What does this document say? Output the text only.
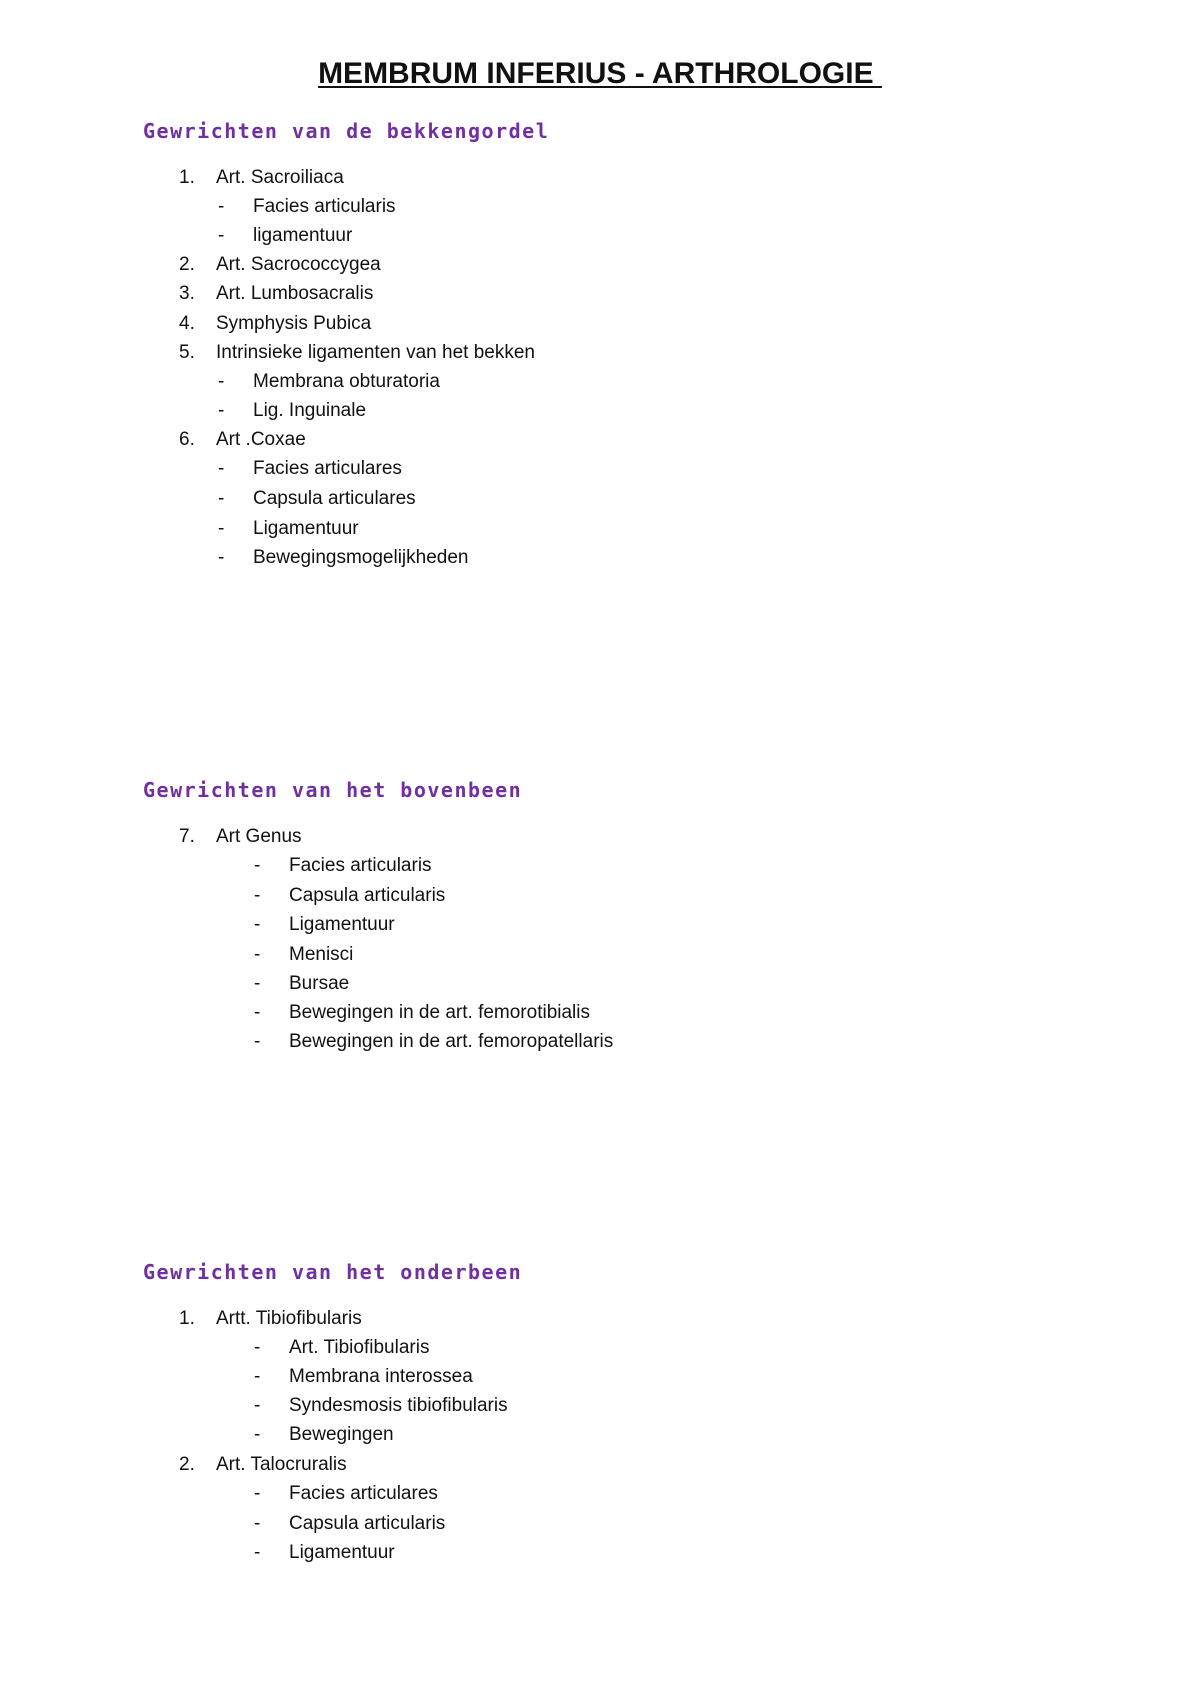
MEMBRUM INFERIUS - ARTHROLOGIE
Gewrichten van de bekkengordel
1. Art. Sacroiliaca
- Facies articularis
- ligamentuur
2. Art. Sacrococcygea
3. Art. Lumbosacralis
4. Symphysis Pubica
5. Intrinsieke ligamenten van het bekken
- Membrana obturatoria
- Lig. Inguinale
6. Art .Coxae
- Facies articulares
- Capsula articulares
- Ligamentuur
- Bewegingsmogelijkheden
Gewrichten van het bovenbeen
7. Art Genus
- Facies articularis
- Capsula articularis
- Ligamentuur
- Menisci
- Bursae
- Bewegingen in de art. femorotibialis
- Bewegingen in de art. femoropatellaris
Gewrichten van het onderbeen
1. Artt. Tibiofibularis
- Art. Tibiofibularis
- Membrana interossea
- Syndesmosis tibiofibularis
- Bewegingen
2. Art. Talocruralis
- Facies articulares
- Capsula articularis
- Ligamentuur
